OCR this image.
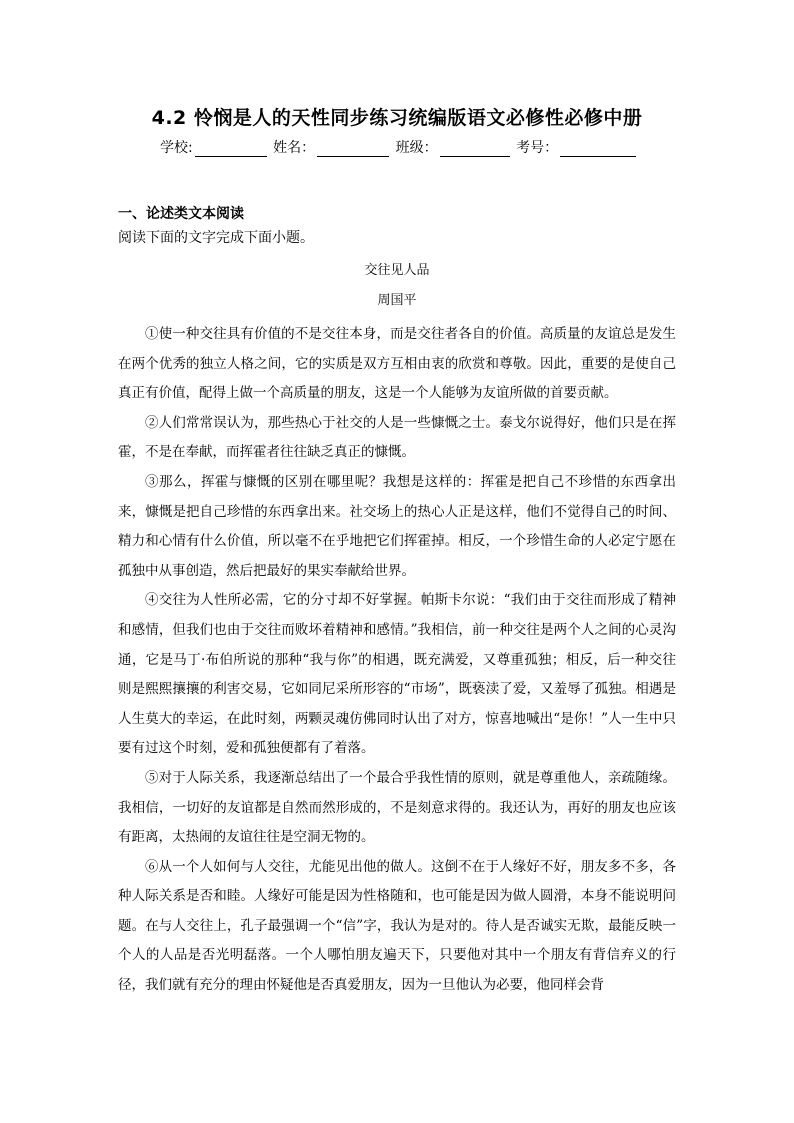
4.2 怜悯是人的天性同步练习统编版语文必修性必修中册
学校:	姓名：	班级：	考号：
一、论述类文本阅读
阅读下面的文字完成下面小题。
交往见人品
周国平

①使一种交往具有价值的不是交往本身，而是交往者各自的价值。高质量的友谊总是发生在两个优秀的独立人格之间，它的实质是双方互相由衷的欣赏和尊敬。因此，重要的是使自己真正有价值，配得上做一个高质量的朋友，这是一个人能够为友谊所做的首要贡献。

②人们常常误认为，那些热心于社交的人是一些慷慨之士。泰戈尔说得好，他们只是在挥霍，不是在奉献，而挥霍者往往缺乏真正的慷慨。

③那么，挥霍与慷慨的区别在哪里呢？我想是这样的：挥霍是把自己不珍惜的东西拿出来，慷慨是把自己珍惜的东西拿出来。社交场上的热心人正是这样，他们不觉得自己的时间、精力和心情有什么价值，所以毫不在乎地把它们挥霍掉。相反，一个珍惜生命的人必定宁愿在孤独中从事创造，然后把最好的果实奉献给世界。

④交往为人性所必需，它的分寸却不好掌握。帕斯卡尔说：“我们由于交往而形成了精神和感情，但我们也由于交往而败坏着精神和感情。”我相信，前一种交往是两个人之间的心灵沟通，它是马丁·布伯所说的那种“我与你”的相遇，既充满爱，又尊重孤独；相反，后一种交往则是熙熙攘攘的利害交易，它如同尼采所形容的“市场”，既亵渎了爱，又羞辱了孤独。相遇是人生莫大的幸运，在此时刻，两颗灵魂仿佛同时认出了对方，惊喜地喊出“是你！”人一生中只要有过这个时刻，爱和孤独便都有了着落。

⑤对于人际关系，我逐渐总结出了一个最合乎我性情的原则，就是尊重他人，亲疏随缘。我相信，一切好的友谊都是自然而然形成的，不是刻意求得的。我还认为，再好的朋友也应该有距离，太热闹的友谊往往是空洞无物的。

⑥从一个人如何与人交往，尤能见出他的做人。这倒不在于人缘好不好，朋友多不多，各种人际关系是否和睦。人缘好可能是因为性格随和，也可能是因为做人圆滑，本身不能说明问题。在与人交往上，孔子最强调一个“信”字，我认为是对的。待人是否诚实无欺，最能反映一个人的人品是否光明磊落。一个人哪怕朋友遍天下，只要他对其中一个朋友有背信弃义的行径，我们就有充分的理由怀疑他是否真爱朋友，因为一旦他认为必要，他同样会背
